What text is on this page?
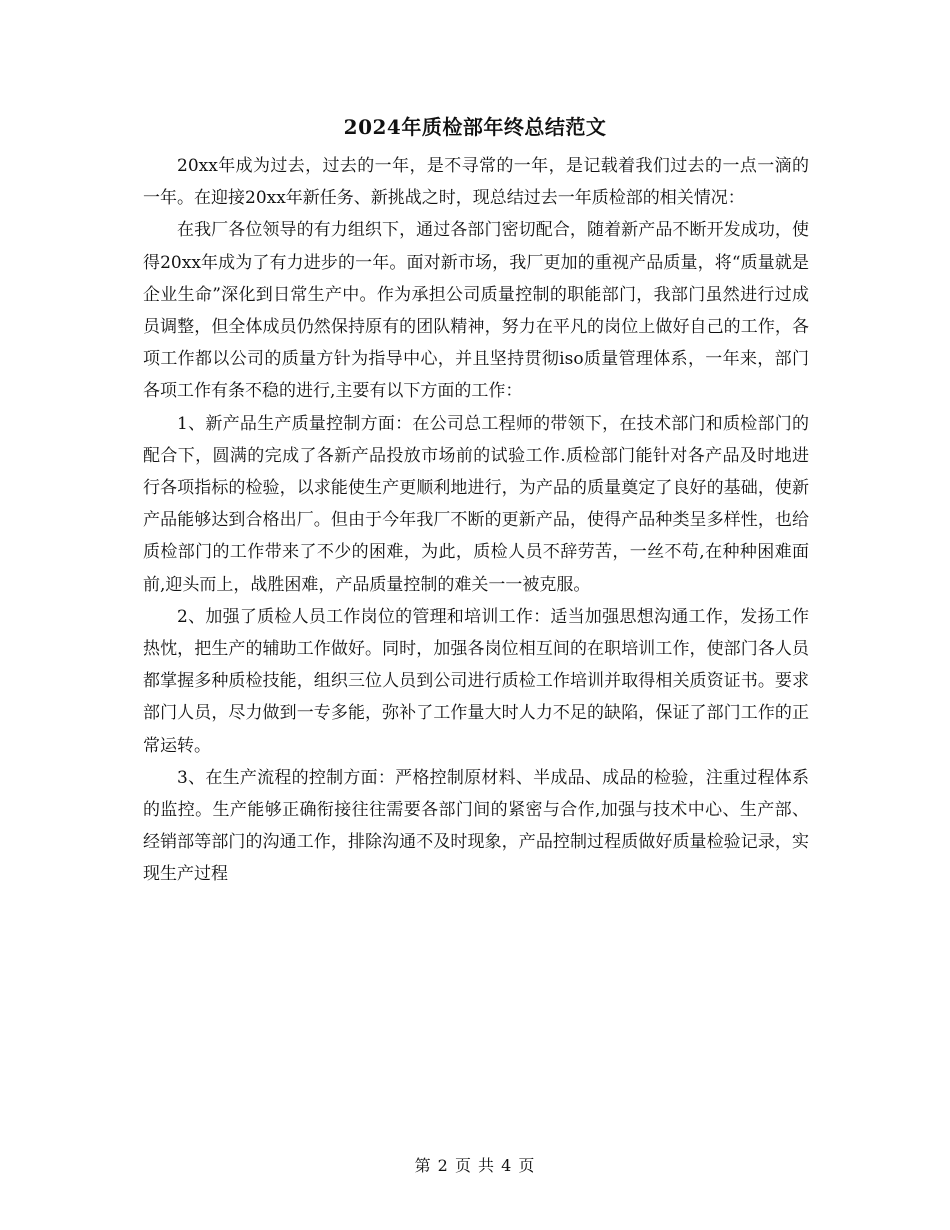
2024年质检部年终总结范文

20xx年成为过去，过去的一年，是不寻常的一年，是记载着我们过去的一点一滴的一年。在迎接20xx年新任务、新挑战之时，现总结过去一年质检部的相关情况：

在我厂各位领导的有力组织下，通过各部门密切配合，随着新产品不断开发成功，使得20xx年成为了有力进步的一年。面对新市场，我厂更加的重视产品质量，将“质量就是企业生命”深化到日常生产中。作为承担公司质量控制的职能部门，我部门虽然进行过成员调整，但全体成员仍然保持原有的团队精神，努力在平凡的岗位上做好自己的工作，各项工作都以公司的质量方针为指导中心，并且坚持贯彻iso质量管理体系，一年来，部门各项工作有条不稳的进行,主要有以下方面的工作：

1、新产品生产质量控制方面：在公司总工程师的带领下，在技术部门和质检部门的配合下，圆满的完成了各新产品投放市场前的试验工作.质检部门能针对各产品及时地进行各项指标的检验，以求能使生产更顺利地进行，为产品的质量奠定了良好的基础，使新产品能够达到合格出厂。但由于今年我厂不断的更新产品，使得产品种类呈多样性，也给质检部门的工作带来了不少的困难，为此，质检人员不辞劳苦，一丝不苟,在种种困难面前,迎头而上，战胜困难，产品质量控制的难关一一被克服。

2、加强了质检人员工作岗位的管理和培训工作：适当加强思想沟通工作，发扬工作热忱，把生产的辅助工作做好。同时，加强各岗位相互间的在职培训工作，使部门各人员都掌握多种质检技能，组织三位人员到公司进行质检工作培训并取得相关质资证书。要求部门人员，尽力做到一专多能，弥补了工作量大时人力不足的缺陷，保证了部门工作的正常运转。

3、在生产流程的控制方面：严格控制原材料、半成品、成品的检验，注重过程体系的监控。生产能够正确衔接往往需要各部门间的紧密与合作,加强与技术中心、生产部、经销部等部门的沟通工作，排除沟通不及时现象，产品控制过程质做好质量检验记录，实现生产过程

第 2 页 共 4 页
